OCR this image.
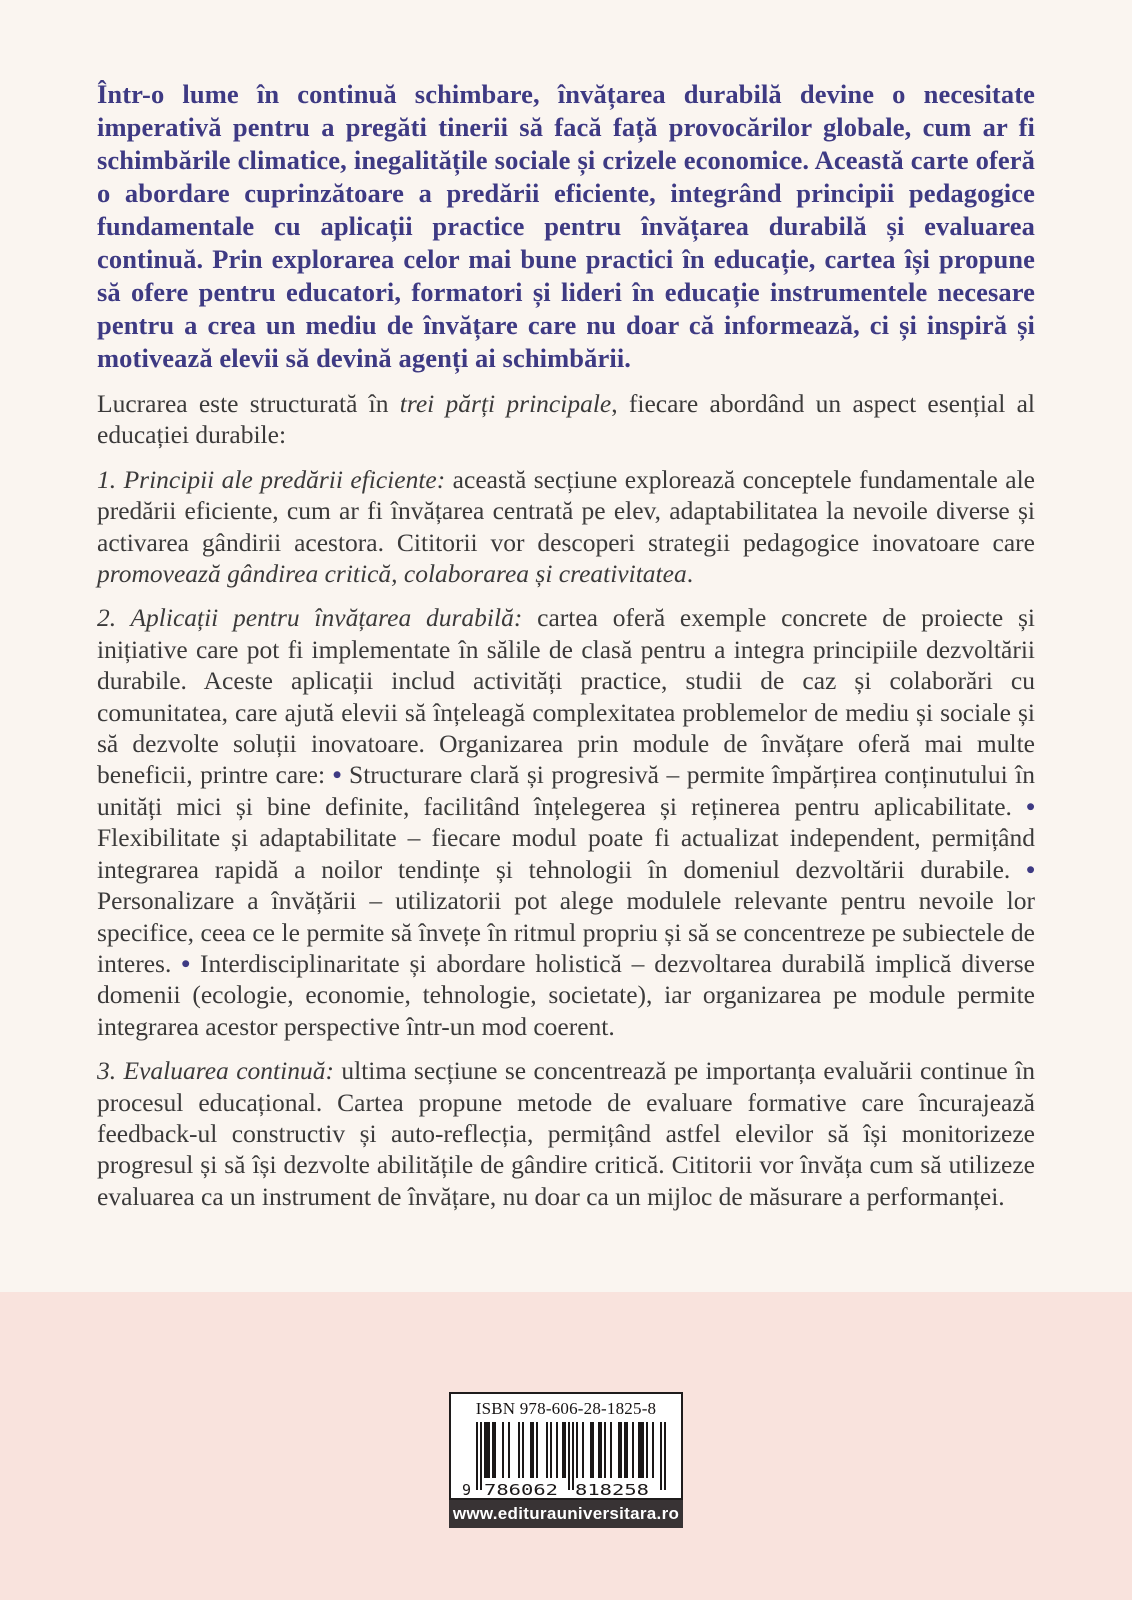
Într-o lume în continuă schimbare, învățarea durabilă devine o necesitate imperativă pentru a pregăti tinerii să facă față provocărilor globale, cum ar fi schimbările climatice, inegalitățile sociale și crizele economice. Această carte oferă o abordare cuprinzătoare a predării eficiente, integrând principii pedagogice fundamentale cu aplicații practice pentru învățarea durabilă și evaluarea continuă. Prin explorarea celor mai bune practici în educație, cartea își propune să ofere pentru educatori, formatori și lideri în educație instrumentele necesare pentru a crea un mediu de învățare care nu doar că informează, ci și inspiră și motivează elevii să devină agenți ai schimbării.

Lucrarea este structurată în trei părți principale, fiecare abordând un aspect esențial al educației durabile:

1. Principii ale predării eficiente: această secțiune explorează conceptele fundamentale ale predării eficiente, cum ar fi învățarea centrată pe elev, adaptabilitatea la nevoile diverse și activarea gândirii acestora. Cititorii vor descoperi strategii pedagogice inovatoare care promovează gândirea critică, colaborarea și creativitatea.

2. Aplicații pentru învățarea durabilă: cartea oferă exemple concrete de proiecte și inițiative care pot fi implementate în sălile de clasă pentru a integra principiile dezvoltării durabile. Aceste aplicații includ activități practice, studii de caz și colaborări cu comunitatea, care ajută elevii să înțeleagă complexitatea problemelor de mediu și sociale și să dezvolte soluții inovatoare. Organizarea prin module de învățare oferă mai multe beneficii, printre care: • Structurare clară și progresivă – permite împărțirea conținutului în unități mici și bine definite, facilitând înțelegerea și reținerea pentru aplicabilitate. • Flexibilitate și adaptabilitate – fiecare modul poate fi actualizat independent, permițând integrarea rapidă a noilor tendințe și tehnologii în domeniul dezvoltării durabile. • Personalizare a învățării – utilizatorii pot alege modulele relevante pentru nevoile lor specifice, ceea ce le permite să învețe în ritmul propriu și să se concentreze pe subiectele de interes. • Interdisciplinaritate și abordare holistică – dezvoltarea durabilă implică diverse domenii (ecologie, economie, tehnologie, societate), iar organizarea pe module permite integrarea acestor perspective într-un mod coerent.

3. Evaluarea continuă: ultima secțiune se concentrează pe importanța evaluării continue în procesul educațional. Cartea propune metode de evaluare formative care încurajează feedback-ul constructiv și auto-reflecția, permițând astfel elevilor să își monitorizeze progresul și să își dezvolte abilitățile de gândire critică. Cititorii vor învăța cum să utilizeze evaluarea ca un instrument de învățare, nu doar ca un mijloc de măsurare a performanței.

ISBN 978-606-28-1825-8
9 786062 818258
www.editurauniversitara.ro
